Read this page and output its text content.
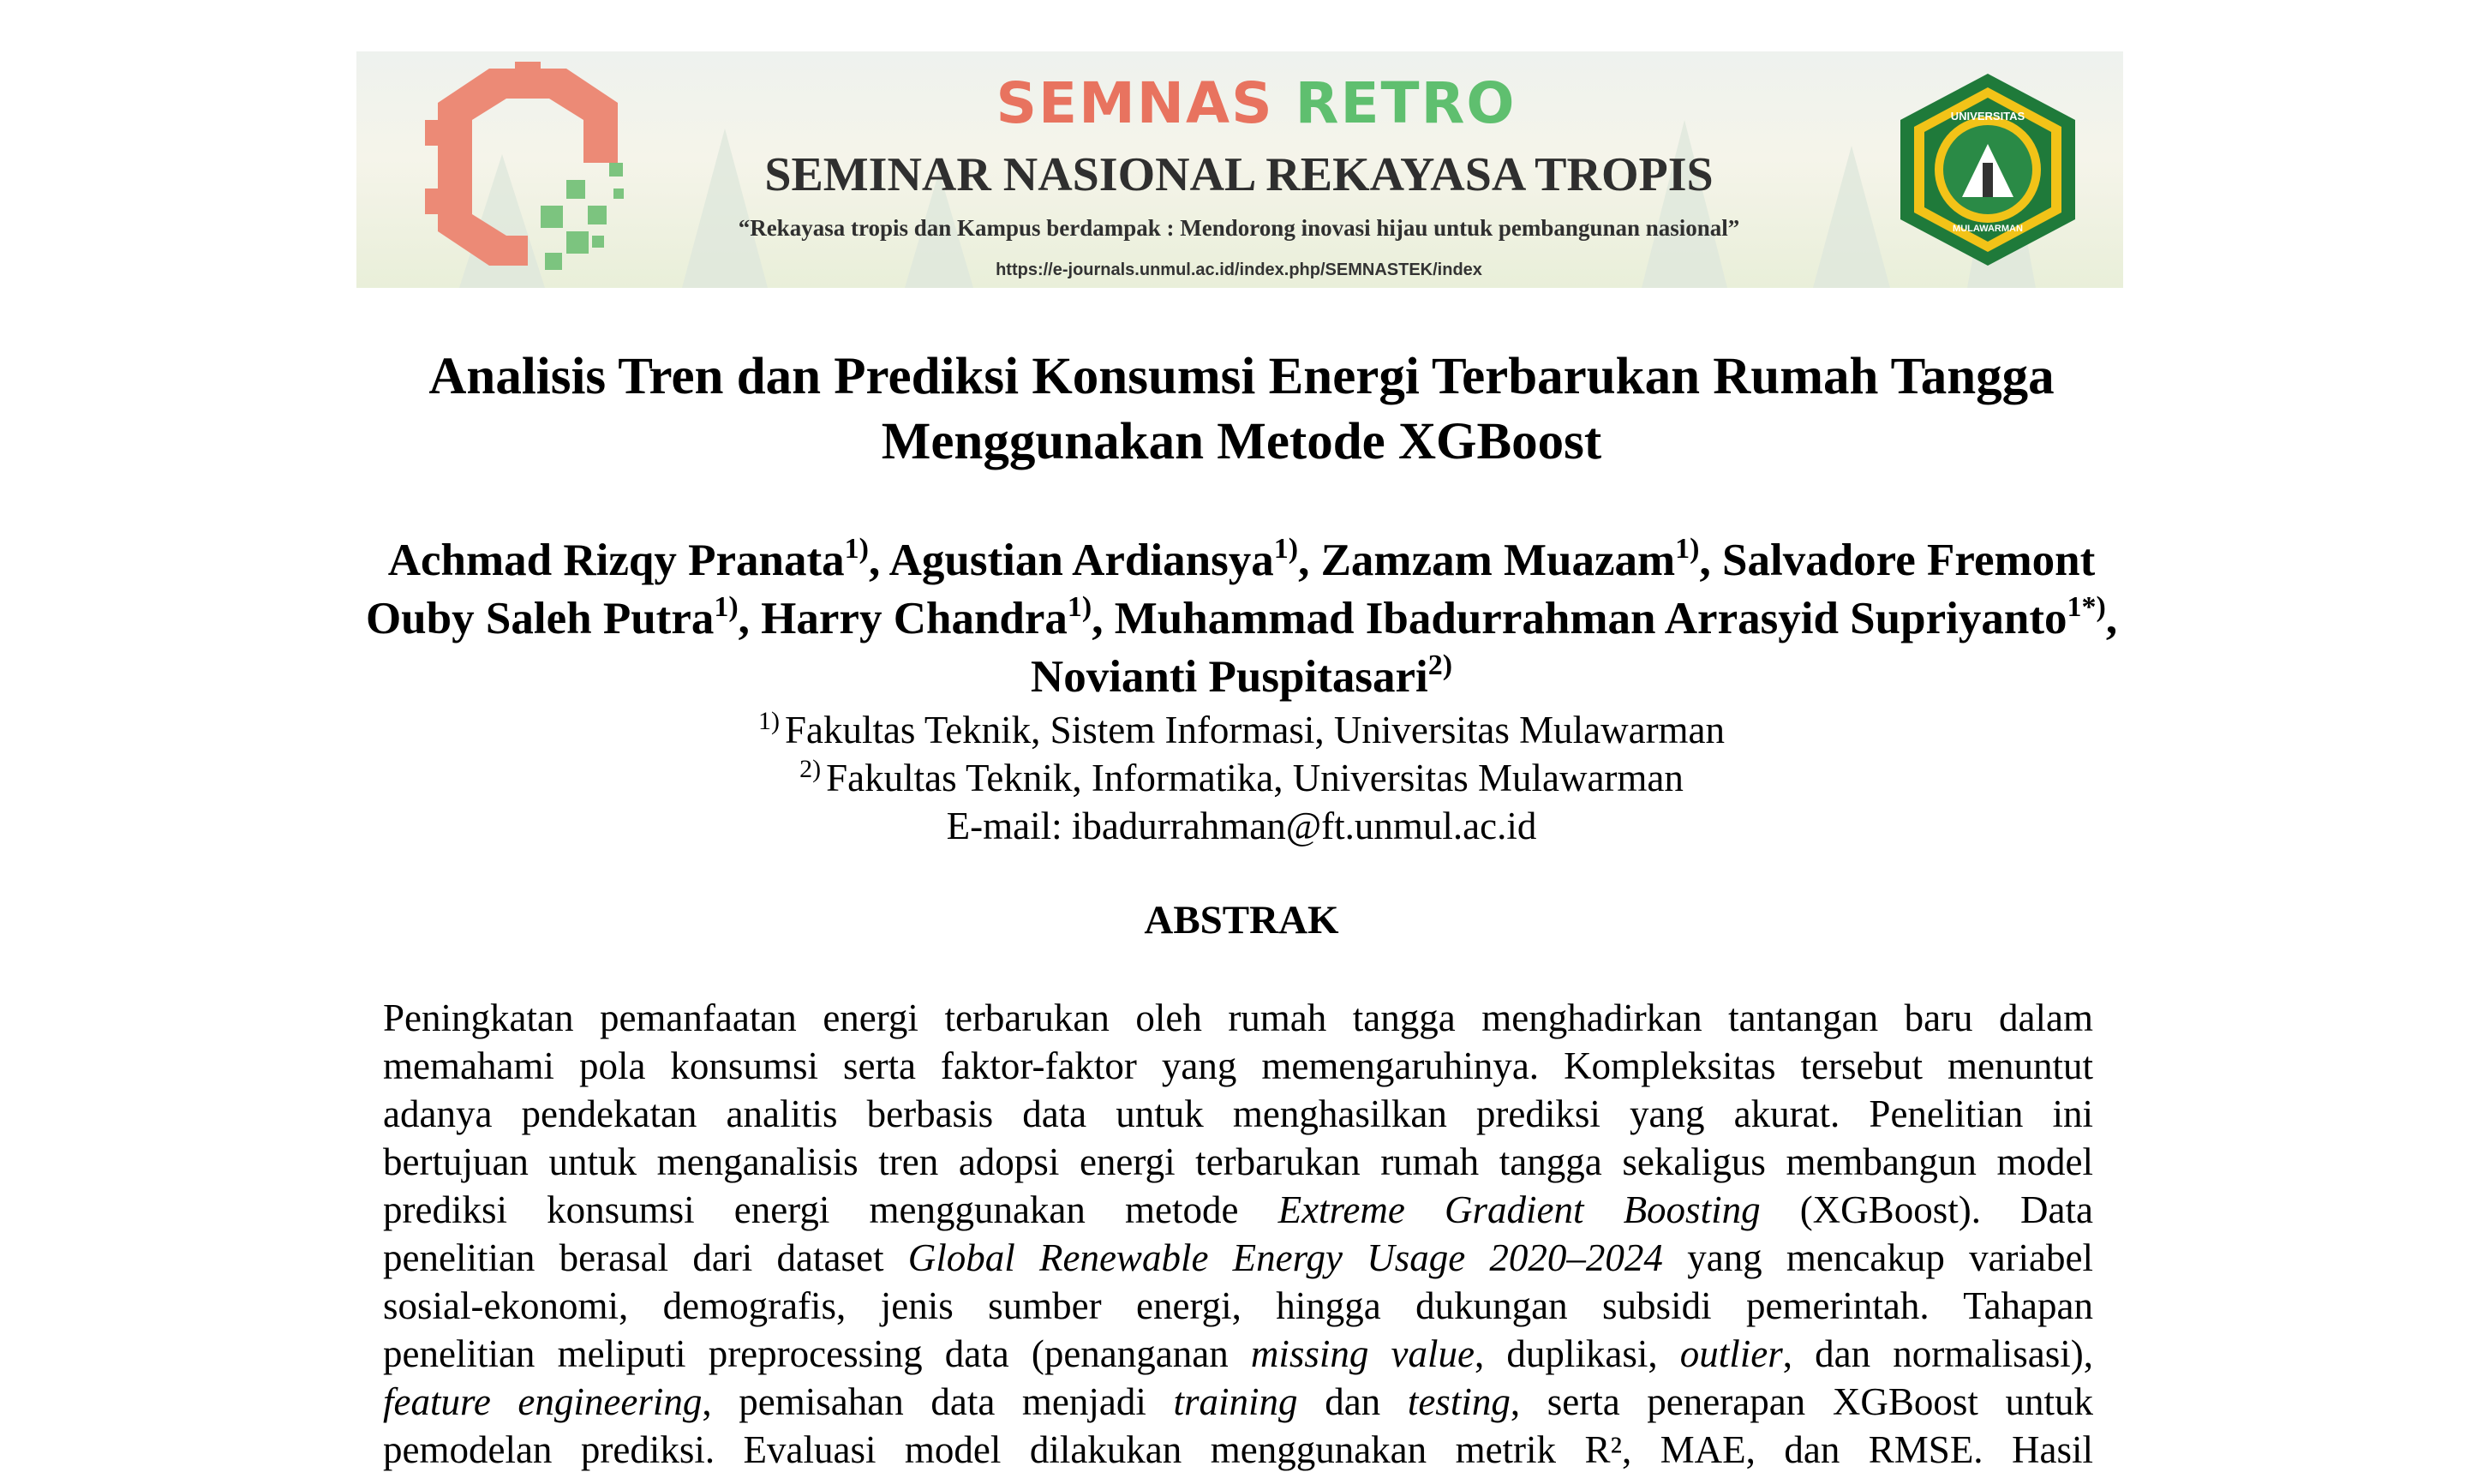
SEMNAS RETRO
SEMINAR NASIONAL REKAYASA TROPIS
“Rekayasa tropis dan Kampus berdampak : Mendorong inovasi hijau untuk pembangunan nasional”
https://e-journals.unmul.ac.id/index.php/SEMNASTEK/index
UNIVERSITAS
MULAWARMAN
Analisis Tren dan Prediksi Konsumsi Energi Terbarukan Rumah Tangga
Menggunakan Metode XGBoost
Achmad Rizqy Pranata$^{1)}$, Agustian Ardiansya$^{1)}$, Zamzam Muazam$^{1)}$, Salvadore Fremont
Ouby Saleh Putra$^{1)}$, Harry Chandra$^{1)}$, Muhammad Ibadurrahman Arrasyid Supriyanto$^{1*)}$,
Novianti Puspitasari$^{2)}$
$^{1)}$ Fakultas Teknik, Sistem Informasi, Universitas Mulawarman
$^{2)}$ Fakultas Teknik, Informatika, Universitas Mulawarman
E-mail: ibadurrahman@ft.unmul.ac.id
ABSTRAK
Peningkatan pemanfaatan energi terbarukan oleh rumah tangga menghadirkan tantangan baru dalam
memahami pola konsumsi serta faktor-faktor yang memengaruhinya. Kompleksitas tersebut menuntut
adanya pendekatan analitis berbasis data untuk menghasilkan prediksi yang akurat. Penelitian ini
bertujuan untuk menganalisis tren adopsi energi terbarukan rumah tangga sekaligus membangun model
prediksi konsumsi energi menggunakan metode Extreme Gradient Boosting (XGBoost). Data
penelitian berasal dari dataset Global Renewable Energy Usage 2020–2024 yang mencakup variabel
sosial-ekonomi, demografis, jenis sumber energi, hingga dukungan subsidi pemerintah. Tahapan
penelitian meliputi preprocessing data (penanganan missing value, duplikasi, outlier, dan normalisasi),
feature engineering, pemisahan data menjadi training dan testing, serta penerapan XGBoost untuk
pemodelan prediksi. Evaluasi model dilakukan menggunakan metrik R², MAE, dan RMSE. Hasil
